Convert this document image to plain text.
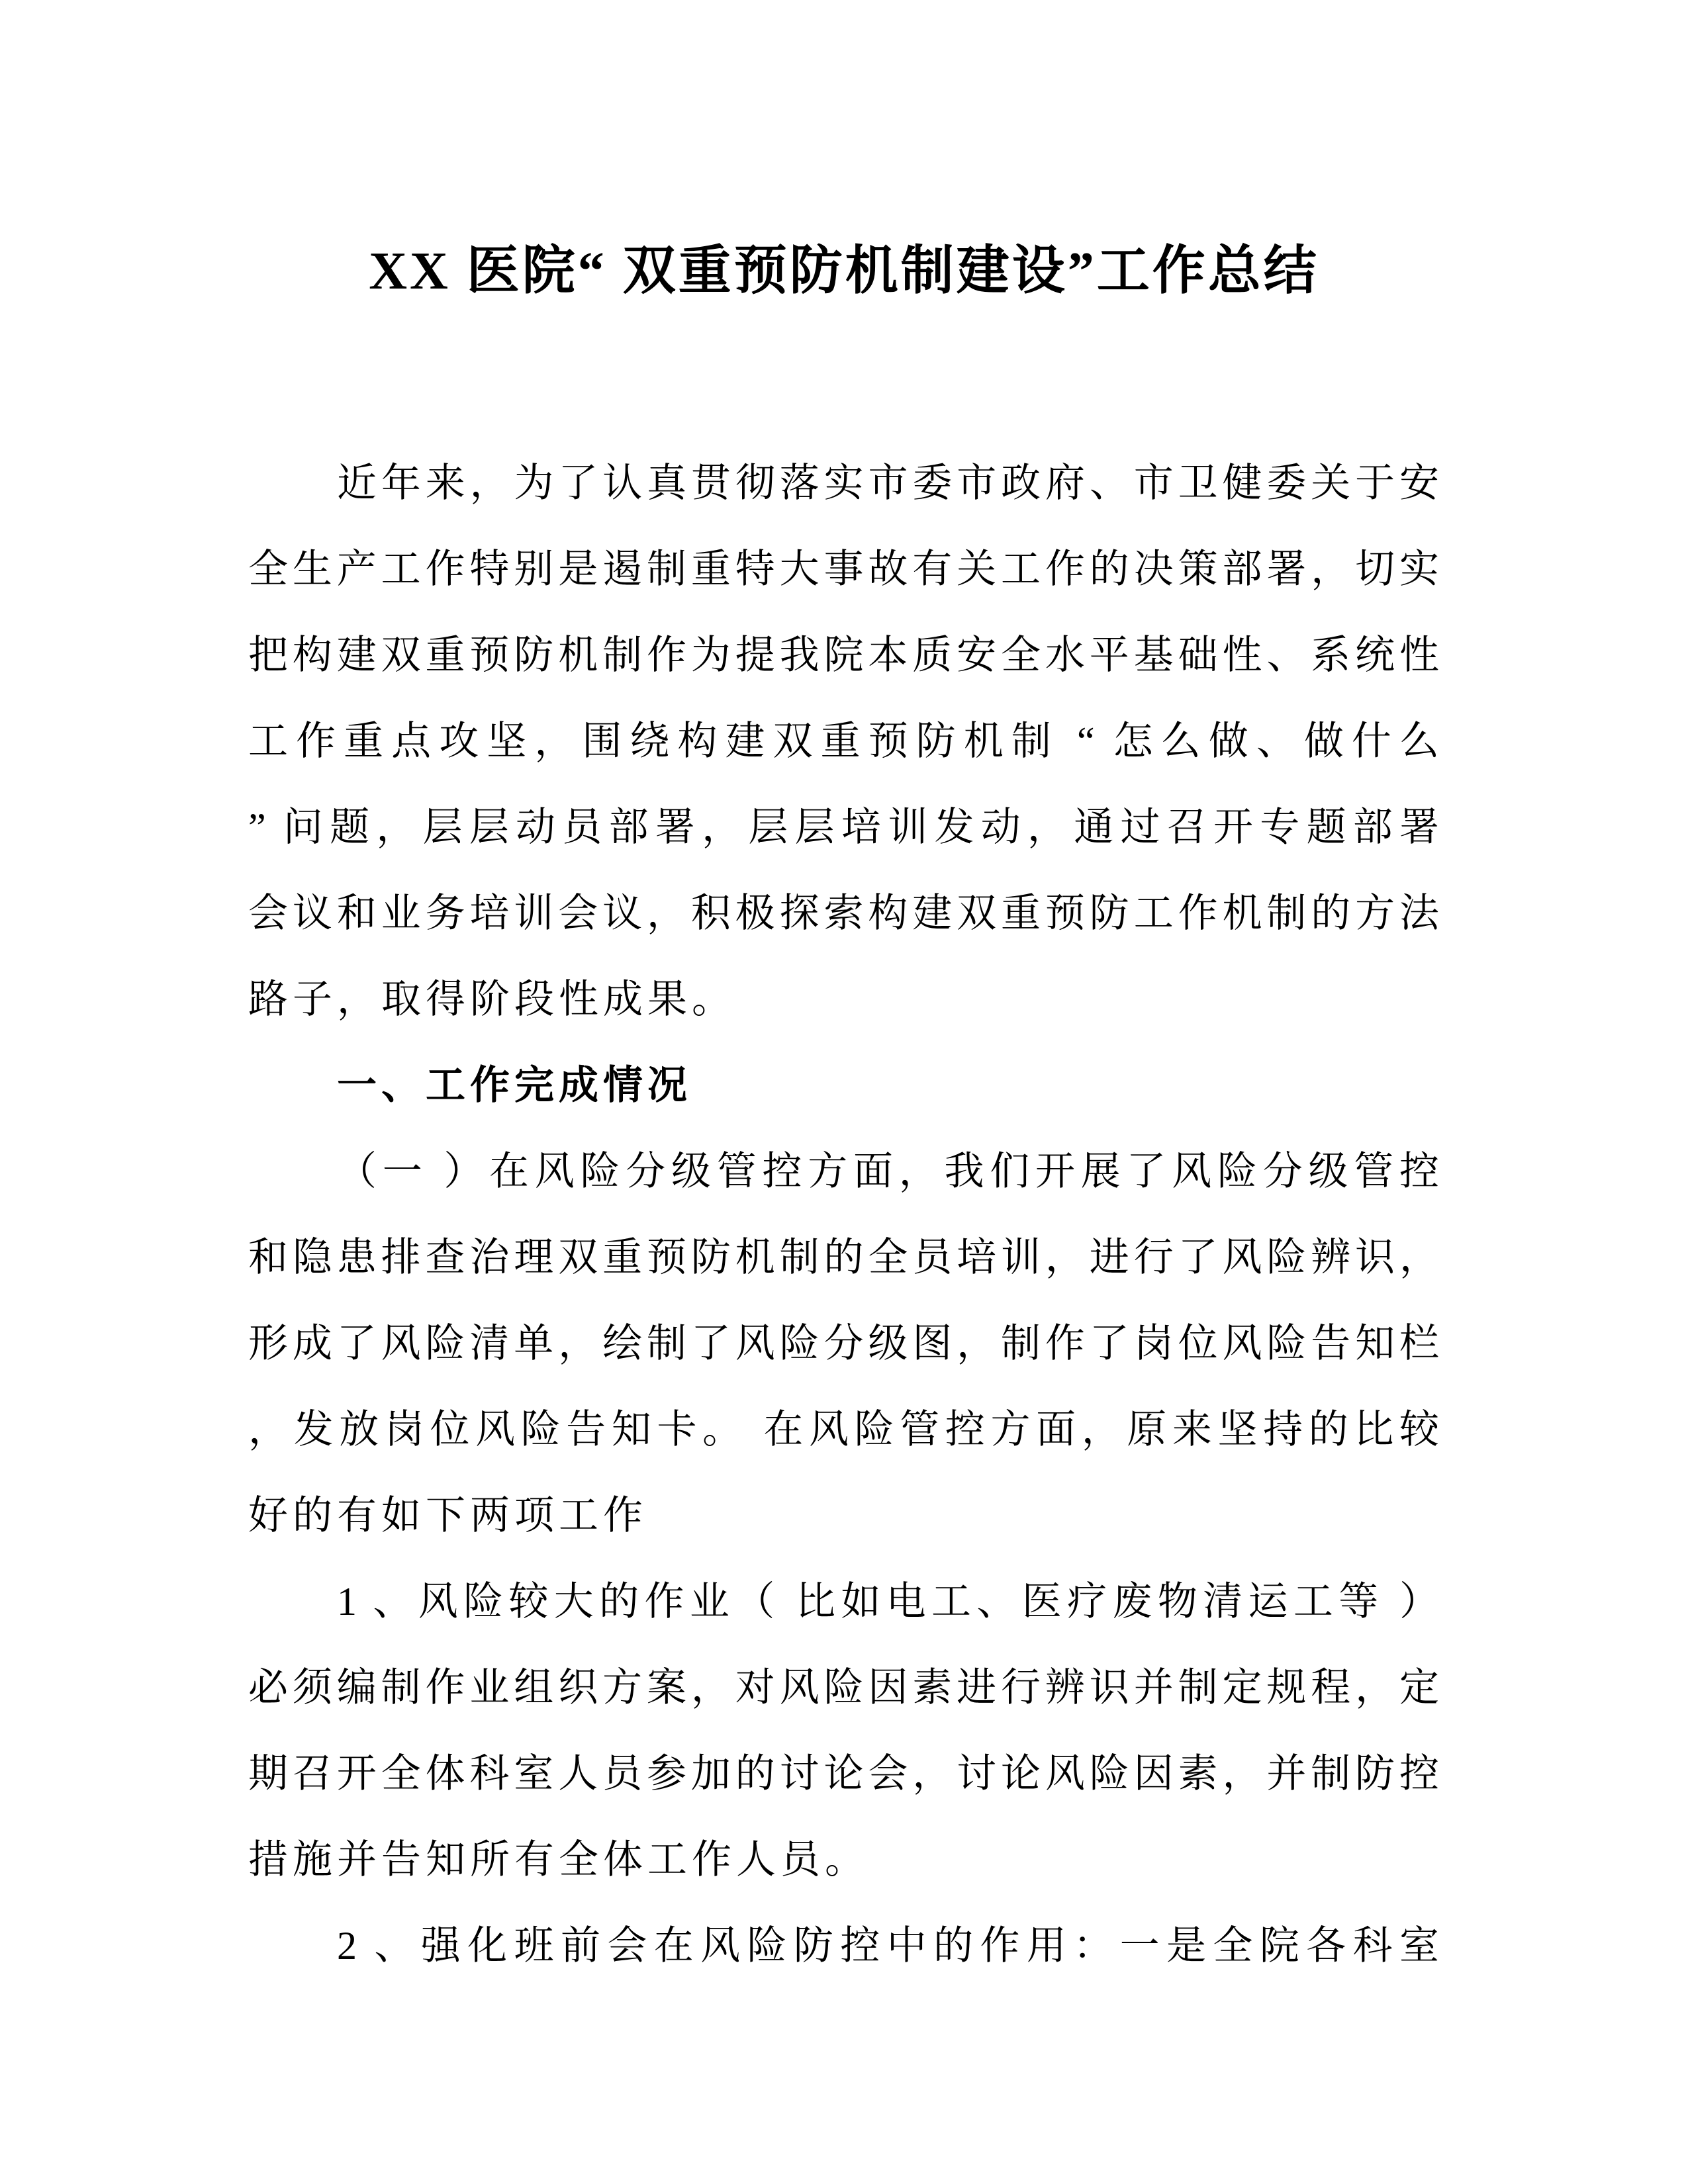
XX 医院“ 双重预防机制建设”工作总结
近年来，为了认真贯彻落实市委市政府、市卫健委关于安
全生产工作特别是遏制重特大事故有关工作的决策部署，切实
把构建双重预防机制作为提我院本质安全水平基础性、系统性
工作重点攻坚，围绕构建双重预防机制 “ 怎么做、做什么
” 问题，层层动员部署，层层培训发动，通过召开专题部署
会议和业务培训会议，积极探索构建双重预防工作机制的方法
路子，取得阶段性成果。
一、工作完成情况
（一 ）在风险分级管控方面，我们开展了风险分级管控
和隐患排查治理双重预防机制的全员培训，进行了风险辨识，
形成了风险清单，绘制了风险分级图，制作了岗位风险告知栏
，发放岗位风险告知卡。 在风险管控方面，原来坚持的比较
好的有如下两项工作
1 、风险较大的作业（ 比如电工、医疗废物清运工等 ）
必须编制作业组织方案，对风险因素进行辨识并制定规程，定
期召开全体科室人员参加的讨论会，讨论风险因素，并制防控
措施并告知所有全体工作人员。
2 、强化班前会在风险防控中的作用：一是全院各科室
